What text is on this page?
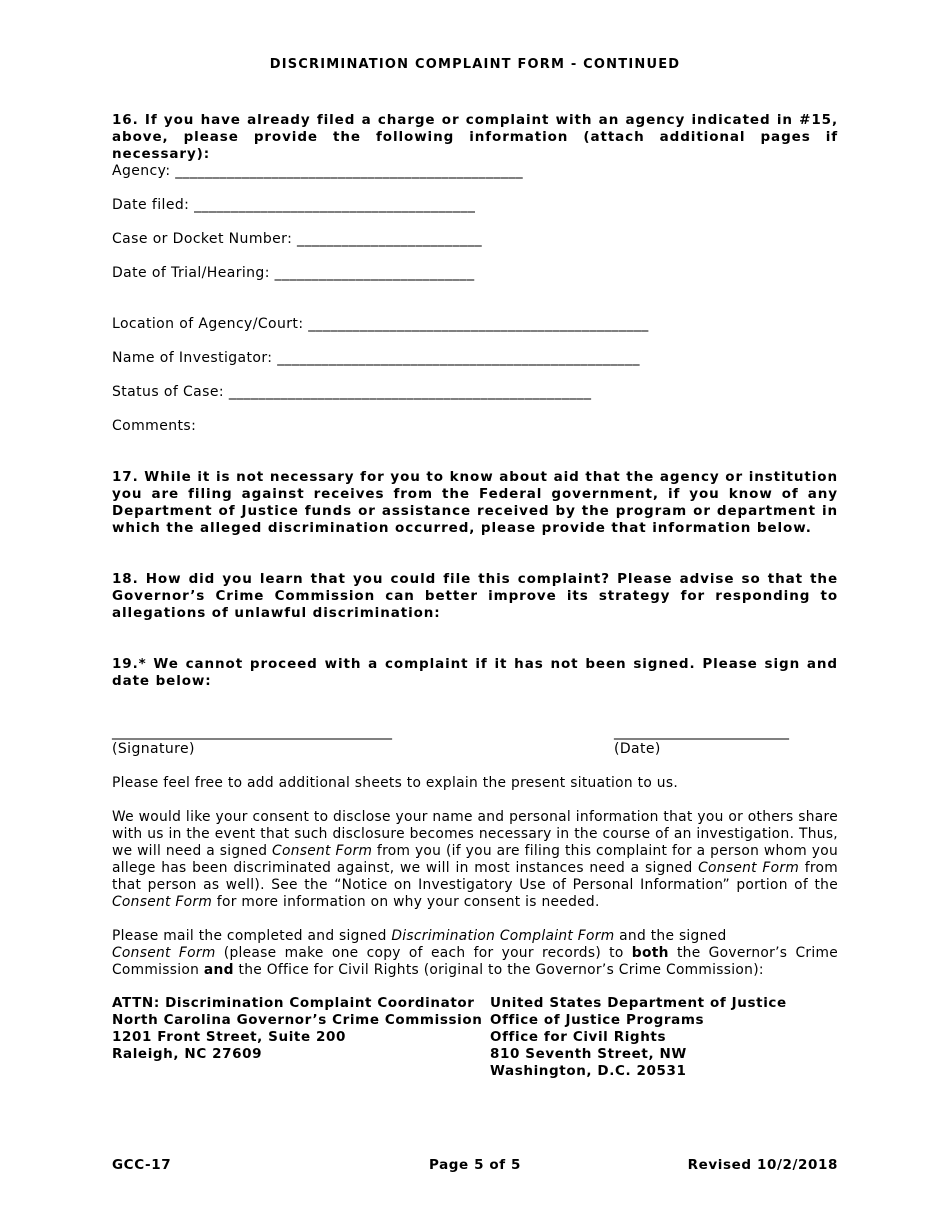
DISCRIMINATION COMPLAINT FORM - CONTINUED
16. If you have already filed a charge or complaint with an agency indicated in #15, above, please provide the following information (attach additional pages if necessary):
Agency: _______________________________________________
Date filed: ______________________________________
Case or Docket Number: _________________________
Date of Trial/Hearing: ___________________________
Location of Agency/Court: ______________________________________________
Name of Investigator: _________________________________________________
Status of Case: _________________________________________________
Comments:
17. While it is not necessary for you to know about aid that the agency or institution you are filing against receives from the Federal government, if you know of any Department of Justice funds or assistance received by the program or department in which the alleged discrimination occurred, please provide that information below.
18. How did you learn that you could file this complaint? Please advise so that the Governor’s Crime Commission can better improve its strategy for responding to allegations of unlawful discrimination:
19.* We cannot proceed with a complaint if it has not been signed. Please sign and date below:
________________________________________
(Signature)
_________________________
(Date)
Please feel free to add additional sheets to explain the present situation to us.
We would like your consent to disclose your name and personal information that you or others share with us in the event that such disclosure becomes necessary in the course of an investigation. Thus, we will need a signed Consent Form from you (if you are filing this complaint for a person whom you allege has been discriminated against, we will in most instances need a signed Consent Form from that person as well). See the “Notice on Investigatory Use of Personal Information” portion of the Consent Form for more information on why your consent is needed.
Please mail the completed and signed Discrimination Complaint Form and the signed
Consent Form (please make one copy of each for your records) to both the Governor’s Crime Commission and the Office for Civil Rights (original to the Governor’s Crime Commission):
ATTN: Discrimination Complaint Coordinator
North Carolina Governor’s Crime Commission
1201 Front Street, Suite 200
Raleigh, NC 27609
United States Department of Justice
Office of Justice Programs
Office for Civil Rights
810 Seventh Street, NW
Washington, D.C. 20531
GCC-17	Page 5 of 5	Revised 10/2/2018
